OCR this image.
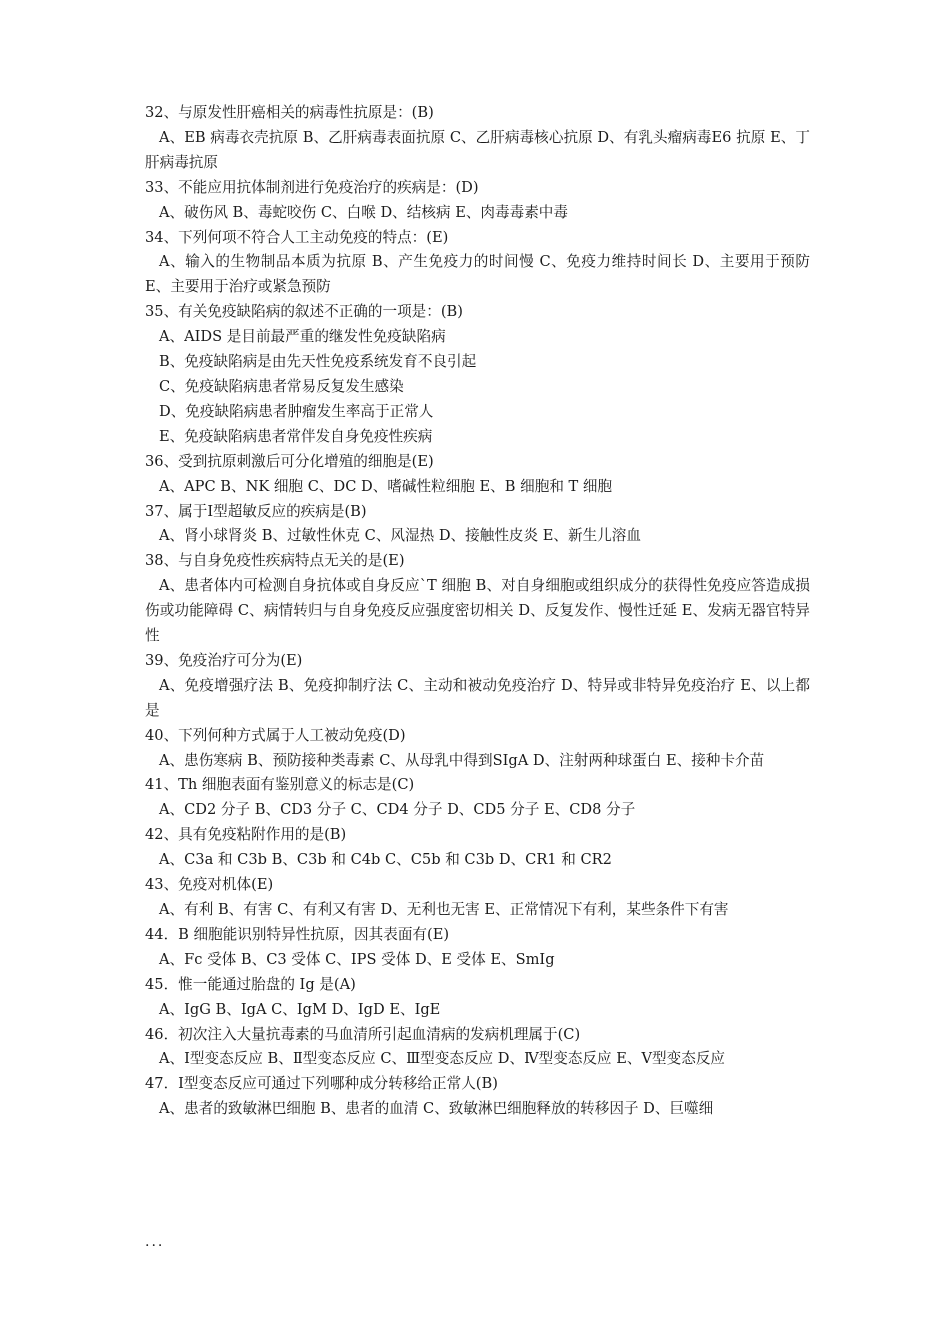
32、与原发性肝癌相关的病毒性抗原是：(B)

A、EB 病毒衣壳抗原 B、乙肝病毒表面抗原 C、乙肝病毒核心抗原 D、有乳头瘤病毒E6 抗原 E、丁肝病毒抗原

33、不能应用抗体制剂进行免疫治疗的疾病是：(D)

A、破伤风 B、毒蛇咬伤 C、白喉 D、结核病 E、肉毒毒素中毒

34、下列何项不符合人工主动免疫的特点：(E)

A、输入的生物制品本质为抗原 B、产生免疫力的时间慢 C、免疫力维持时间长 D、主要用于预防 E、主要用于治疗或紧急预防

35、有关免疫缺陷病的叙述不正确的一项是：(B)

A、AIDS 是目前最严重的继发性免疫缺陷病

B、免疫缺陷病是由先天性免疫系统发育不良引起

C、免疫缺陷病患者常易反复发生感染

D、免疫缺陷病患者肿瘤发生率高于正常人

E、免疫缺陷病患者常伴发自身免疫性疾病

36、受到抗原刺激后可分化增殖的细胞是(E)

A、APC B、NK 细胞 C、DC D、嗜碱性粒细胞 E、B 细胞和 T 细胞

37、属于Ⅰ型超敏反应的疾病是(B)

A、肾小球肾炎 B、过敏性休克 C、风湿热 D、接触性皮炎 E、新生儿溶血

38、与自身免疫性疾病特点无关的是(E)

A、患者体内可检测自身抗体或自身反应`T 细胞 B、对自身细胞或组织成分的获得性免疫应答造成损伤或功能障碍 C、病情转归与自身免疫反应强度密切相关 D、反复发作、慢性迁延 E、发病无器官特异性

39、免疫治疗可分为(E)

A、免疫增强疗法 B、免疫抑制疗法 C、主动和被动免疫治疗 D、特异或非特异免疫治疗 E、以上都是

40、下列何种方式属于人工被动免疫(D)

A、患伤寒病 B、预防接种类毒素 C、从母乳中得到SIgA D、注射两种球蛋白 E、接种卡介苗

41、Th 细胞表面有鉴别意义的标志是(C)

A、CD2 分子 B、CD3 分子 C、CD4 分子 D、CD5 分子 E、CD8 分子

42、具有免疫粘附作用的是(B)

A、C3a 和 C3b B、C3b 和 C4b C、C5b 和 C3b D、CR1 和 CR2

43、免疫对机体(E)

A、有利 B、有害 C、有利又有害 D、无利也无害 E、正常情况下有利，某些条件下有害

44．B 细胞能识别特异性抗原，因其表面有(E)

A、Fc 受体 B、C3 受体 C、IPS 受体 D、E 受体 E、SmIg

45．惟一能通过胎盘的 Ig 是(A)

A、IgG B、IgA C、IgM D、IgD E、IgE

46．初次注入大量抗毒素的马血清所引起血清病的发病机理属于(C)

A、Ⅰ型变态反应 B、Ⅱ型变态反应 C、Ⅲ型变态反应 D、Ⅳ型变态反应 E、Ⅴ型变态反应

47．Ⅰ型变态反应可通过下列哪种成分转移给正常人(B)

A、患者的致敏淋巴细胞 B、患者的血清 C、致敏淋巴细胞释放的转移因子 D、巨噬细

...
